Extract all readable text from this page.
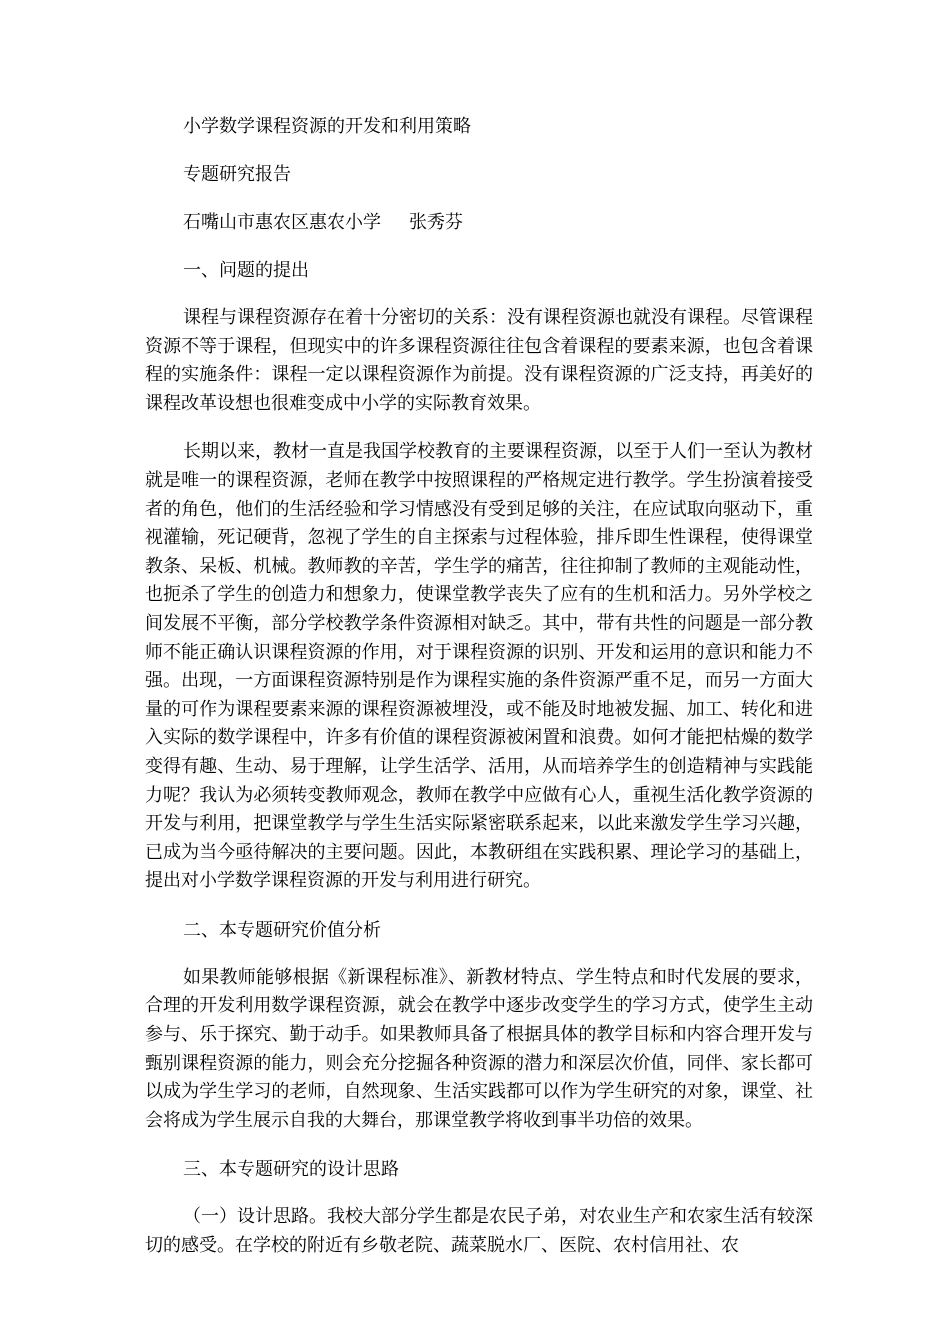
小学数学课程资源的开发和利用策略

专题研究报告

石嘴山市惠农区惠农小学 张秀芬

一、问题的提出

课程与课程资源存在着十分密切的关系：没有课程资源也就没有课程。尽管课程资源不等于课程，但现实中的许多课程资源往往包含着课程的要素来源，也包含着课程的实施条件：课程一定以课程资源作为前提。没有课程资源的广泛支持，再美好的课程改革设想也很难变成中小学的实际教育效果。

长期以来，教材一直是我国学校教育的主要课程资源，以至于人们一至认为教材就是唯一的课程资源，老师在教学中按照课程的严格规定进行教学。学生扮演着接受者的角色，他们的生活经验和学习情感没有受到足够的关注，在应试取向驱动下，重视灌输，死记硬背，忽视了学生的自主探索与过程体验，排斥即生性课程，使得课堂教条、呆板、机械。教师教的辛苦，学生学的痛苦，往往抑制了教师的主观能动性，也扼杀了学生的创造力和想象力，使课堂教学丧失了应有的生机和活力。另外学校之间发展不平衡，部分学校教学条件资源相对缺乏。其中，带有共性的问题是一部分教师不能正确认识课程资源的作用，对于课程资源的识别、开发和运用的意识和能力不强。出现，一方面课程资源特别是作为课程实施的条件资源严重不足，而另一方面大量的可作为课程要素来源的课程资源被埋没，或不能及时地被发掘、加工、转化和进入实际的数学课程中，许多有价值的课程资源被闲置和浪费。如何才能把枯燥的数学变得有趣、生动、易于理解，让学生活学、活用，从而培养学生的创造精神与实践能力呢？我认为必须转变教师观念，教师在教学中应做有心人，重视生活化教学资源的开发与利用，把课堂教学与学生生活实际紧密联系起来，以此来激发学生学习兴趣，已成为当今亟待解决的主要问题。因此，本教研组在实践积累、理论学习的基础上，提出对小学数学课程资源的开发与利用进行研究。

二、本专题研究价值分析

如果教师能够根据《新课程标准》、新教材特点、学生特点和时代发展的要求，合理的开发利用数学课程资源，就会在教学中逐步改变学生的学习方式，使学生主动参与、乐于探究、勤于动手。如果教师具备了根据具体的教学目标和内容合理开发与甄别课程资源的能力，则会充分挖掘各种资源的潜力和深层次价值，同伴、家长都可以成为学生学习的老师，自然现象、生活实践都可以作为学生研究的对象，课堂、社会将成为学生展示自我的大舞台，那课堂教学将收到事半功倍的效果。

三、本专题研究的设计思路

（一）设计思路。我校大部分学生都是农民子弟，对农业生产和农家生活有较深切的感受。在学校的附近有乡敬老院、蔬菜脱水厂、医院、农村信用社、农
